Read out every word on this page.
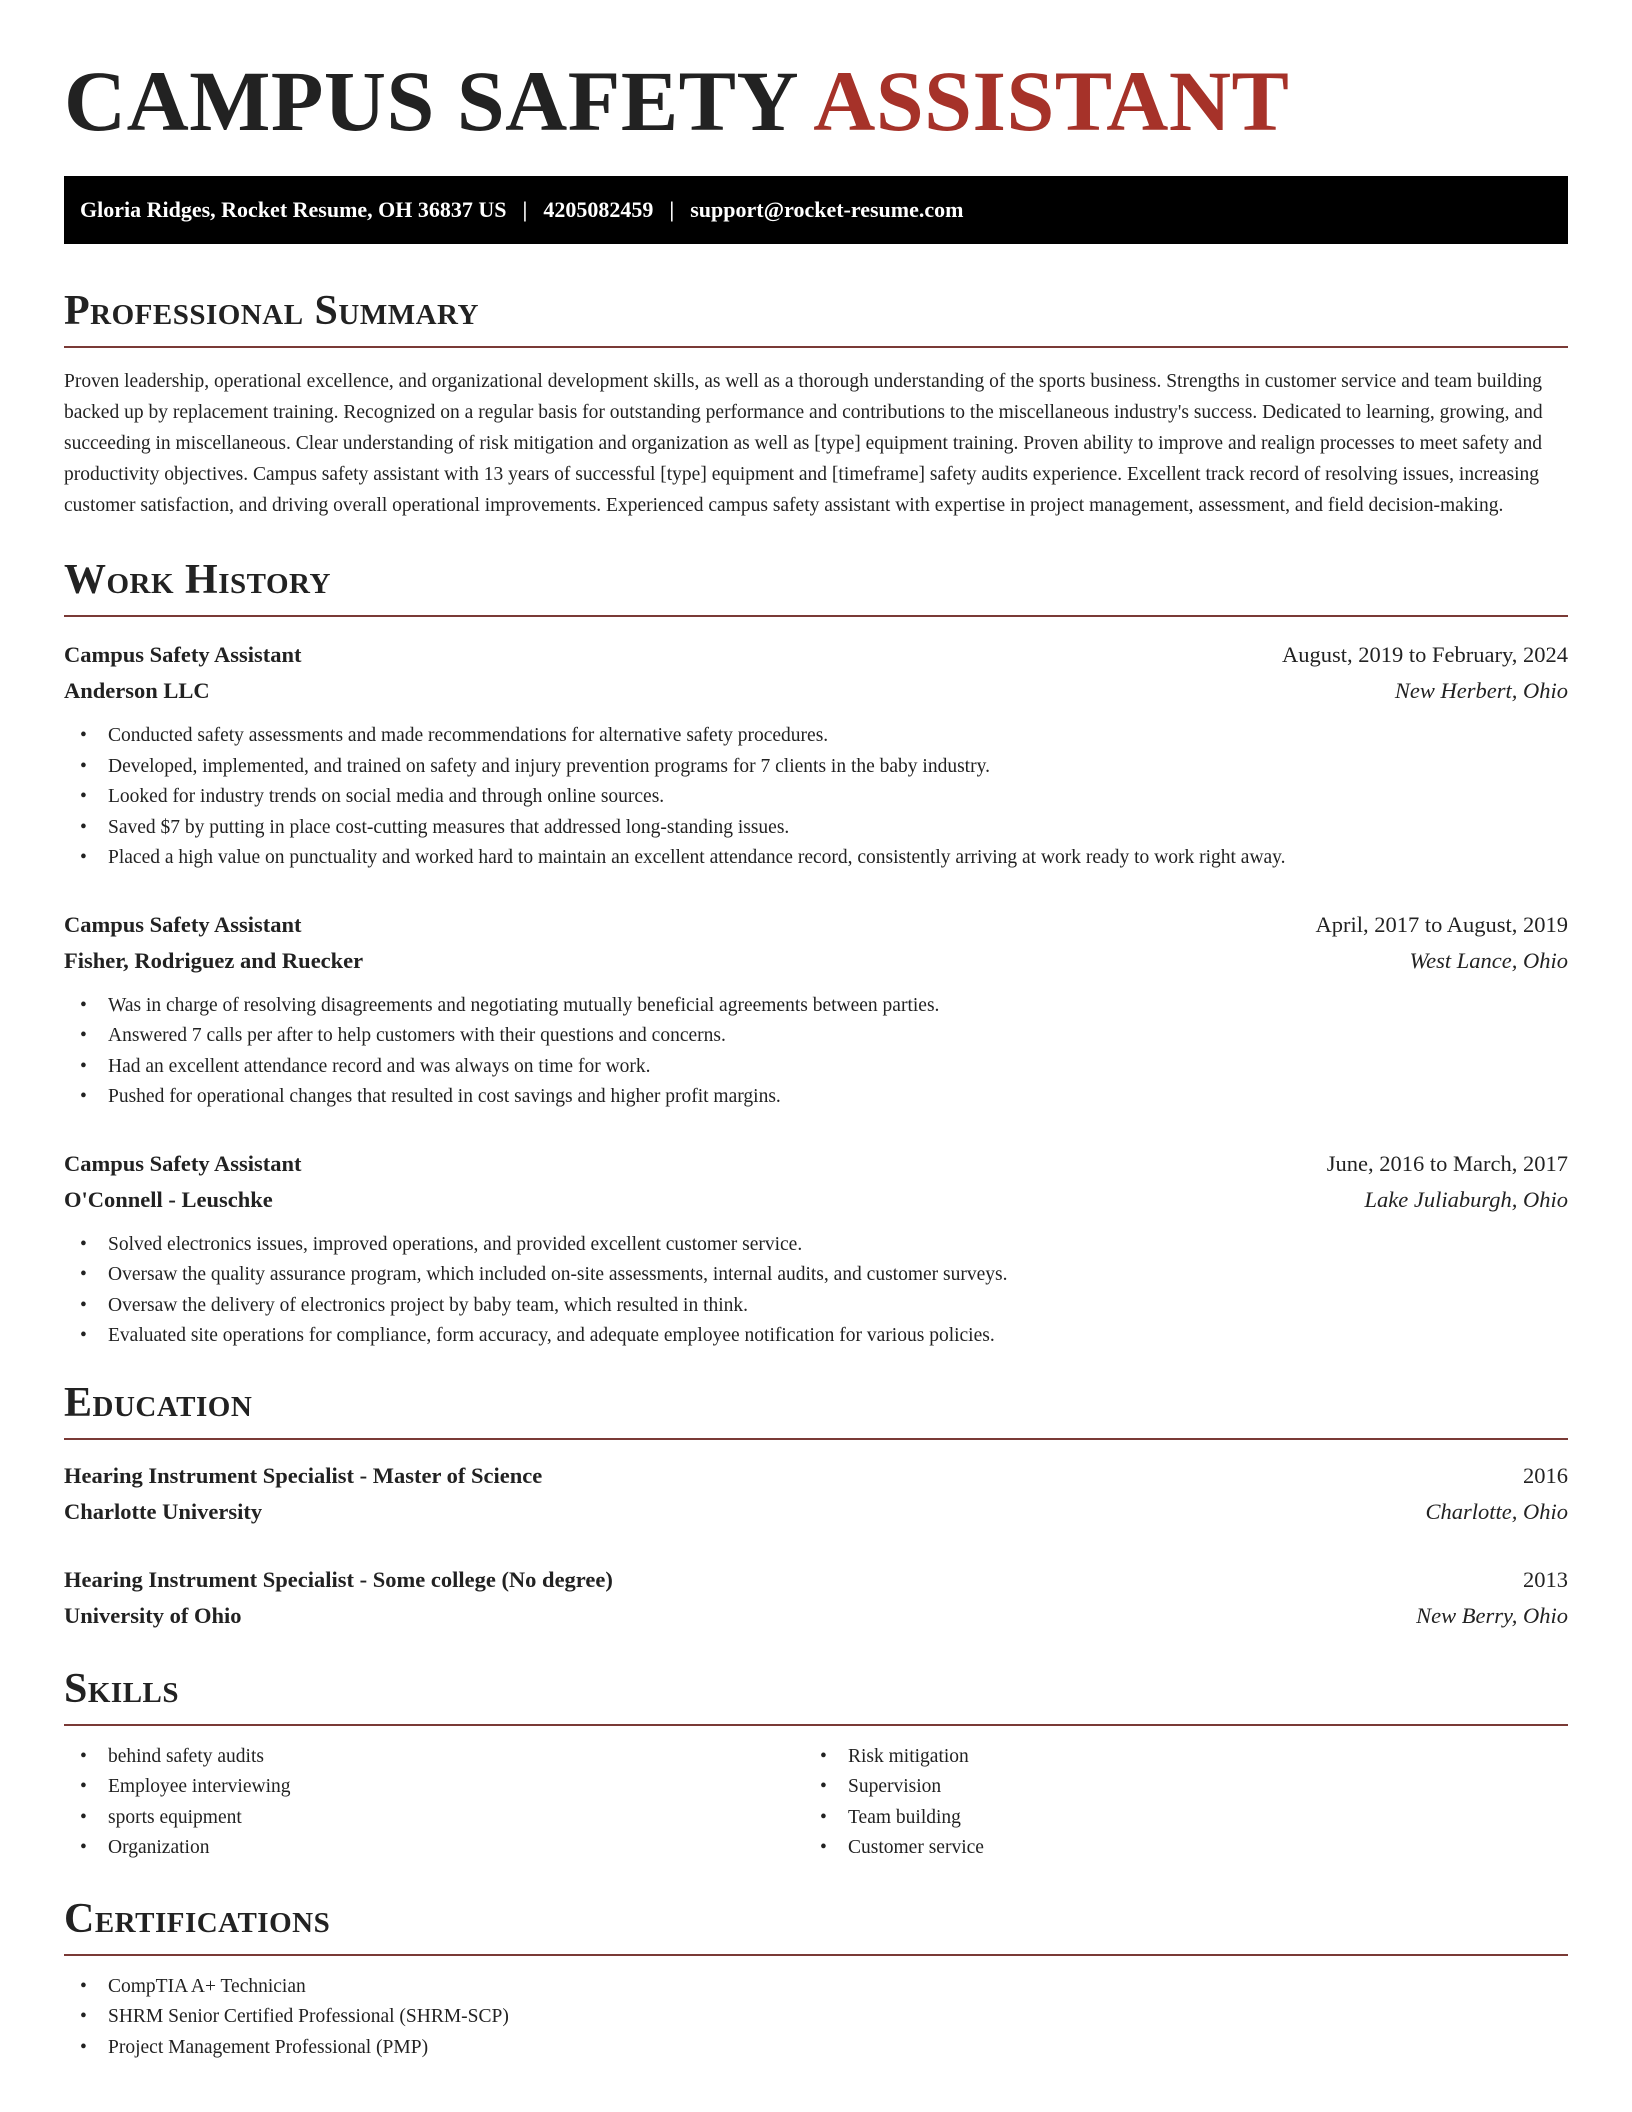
CAMPUS SAFETY ASSISTANT
Gloria Ridges, Rocket Resume, OH 36837 US | 4205082459 | support@rocket-resume.com
Professional Summary

Proven leadership, operational excellence, and organizational development skills, as well as a thorough understanding of the sports business. Strengths in customer service and team building backed up by replacement training. Recognized on a regular basis for outstanding performance and contributions to the miscellaneous industry's success. Dedicated to learning, growing, and succeeding in miscellaneous. Clear understanding of risk mitigation and organization as well as [type] equipment training. Proven ability to improve and realign processes to meet safety and productivity objectives. Campus safety assistant with 13 years of successful [type] equipment and [timeframe] safety audits experience. Excellent track record of resolving issues, increasing customer satisfaction, and driving overall operational improvements. Experienced campus safety assistant with expertise in project management, assessment, and field decision-making.

Work History
Campus Safety Assistant	August, 2019 to February, 2024
Anderson LLC	New Herbert, Ohio
• Conducted safety assessments and made recommendations for alternative safety procedures.
• Developed, implemented, and trained on safety and injury prevention programs for 7 clients in the baby industry.
• Looked for industry trends on social media and through online sources.
• Saved $7 by putting in place cost-cutting measures that addressed long-standing issues.
• Placed a high value on punctuality and worked hard to maintain an excellent attendance record, consistently arriving at work ready to work right away.
Campus Safety Assistant	April, 2017 to August, 2019
Fisher, Rodriguez and Ruecker	West Lance, Ohio
• Was in charge of resolving disagreements and negotiating mutually beneficial agreements between parties.
• Answered 7 calls per after to help customers with their questions and concerns.
• Had an excellent attendance record and was always on time for work.
• Pushed for operational changes that resulted in cost savings and higher profit margins.
Campus Safety Assistant	June, 2016 to March, 2017
O'Connell - Leuschke	Lake Juliaburgh, Ohio
• Solved electronics issues, improved operations, and provided excellent customer service.
• Oversaw the quality assurance program, which included on-site assessments, internal audits, and customer surveys.
• Oversaw the delivery of electronics project by baby team, which resulted in think.
• Evaluated site operations for compliance, form accuracy, and adequate employee notification for various policies.
Education
Hearing Instrument Specialist - Master of Science	2016
Charlotte University	Charlotte, Ohio
Hearing Instrument Specialist - Some college (No degree)	2013
University of Ohio	New Berry, Ohio
Skills
• behind safety audits
• Employee interviewing
• sports equipment
• Organization
• Risk mitigation
• Supervision
• Team building
• Customer service
Certifications
• CompTIA A+ Technician
• SHRM Senior Certified Professional (SHRM-SCP)
• Project Management Professional (PMP)
